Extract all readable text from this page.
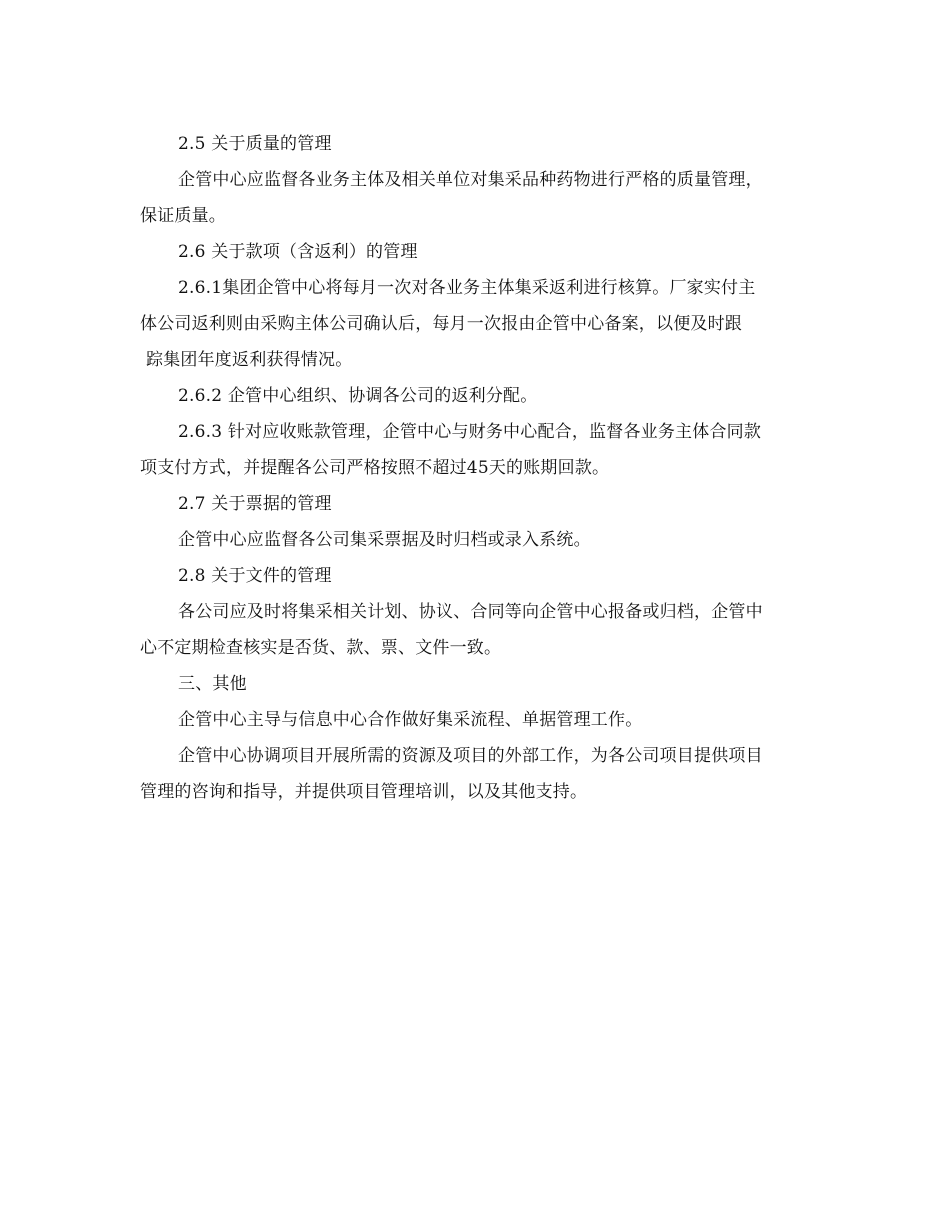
2.5 关于质量的管理

企管中心应监督各业务主体及相关单位对集采品种药物进行严格的质量管理，

保证质量。

2.6 关于款项（含返利）的管理

2.6.1集团企管中心将每月一次对各业务主体集采返利进行核算。厂家实付主

体公司返利则由采购主体公司确认后，每月一次报由企管中心备案，以便及时跟

踪集团年度返利获得情况。

2.6.2 企管中心组织、协调各公司的返利分配。

2.6.3 针对应收账款管理，企管中心与财务中心配合，监督各业务主体合同款

项支付方式，并提醒各公司严格按照不超过45天的账期回款。

2.7 关于票据的管理

企管中心应监督各公司集采票据及时归档或录入系统。

2.8 关于文件的管理

各公司应及时将集采相关计划、协议、合同等向企管中心报备或归档，企管中

心不定期检查核实是否货、款、票、文件一致。

三、其他

企管中心主导与信息中心合作做好集采流程、单据管理工作。

企管中心协调项目开展所需的资源及项目的外部工作，为各公司项目提供项目

管理的咨询和指导，并提供项目管理培训，以及其他支持。
